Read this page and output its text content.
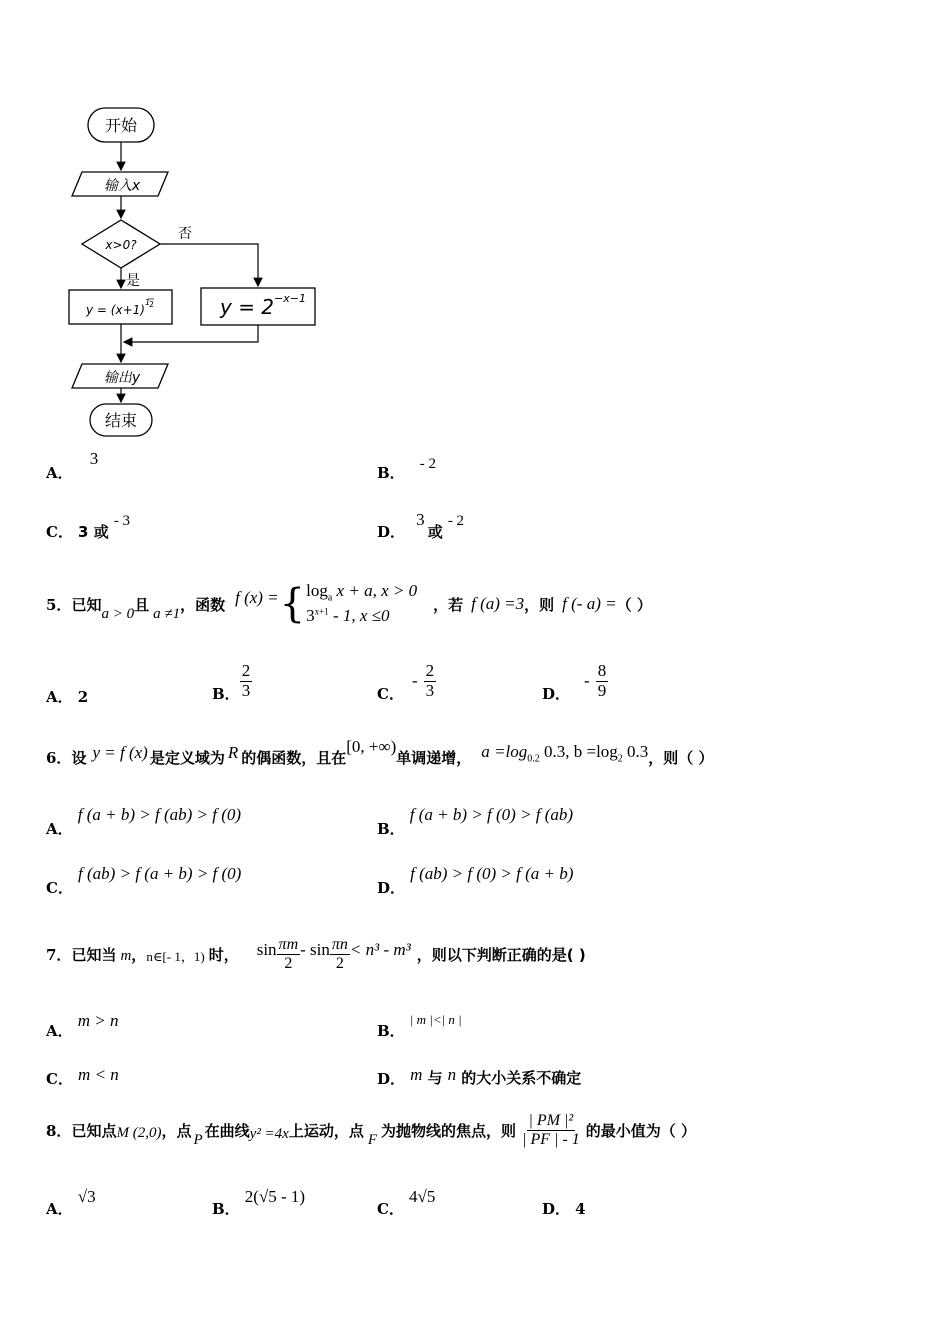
开始
输入x
x>0?
否
是
$y = (x+1)^1$
2	$y = 2^{-x-1}$
输出y
结束
A． 3
B． - 2
C． 3 或 - 3
D． 3 或 - 2
5． 已知 a > 0 且 a ≠1 ，函数 f (x) = { $\log_a x + a$, x > 0
$3^{x+1} - 1$, x ≤0
，若 f (a) =3 ，则 f (- a) = （ ）
A． 2	B． $\frac{2}{3}$	C．
- $\frac{2}{3}$	D．
- $\frac{8}{9}$
6． 设 y = f (x) 是定义域为 R 的偶函数，且在
[0, +∞)
单调递增， $a =\log_{0.2}$ 0.3, $b =\log_2$ 0.3 ，则（ ）
A． f (a + b) > f (ab) > f (0)
B． f (a + b) > f (0) > f (ab)
C． f (ab) > f (a + b) > f (0)
D． f (ab) > f (0) > f (a + b)
7． 已知当 m ， n∈[- 1，1) 时， $\sin \frac{\pi m}{2} - \sin \frac{\pi n}{2} < n^3 - m^3$ ，则以下判断正确的是( )
A． m > n
B． | m |<| n |
C． m < n	D． m 与 n 的大小关系不确定
8． 已知点 M (2,0) ，点 P 在曲线 y² =4x 上运动，点 F 为抛物线的焦点，则 $\frac{\text{| PM |²}}{| PF | - 1}$ 的最小值为（ ）
A． √3
B． 2(√5 - 1)
C． 4√5
D． 4
